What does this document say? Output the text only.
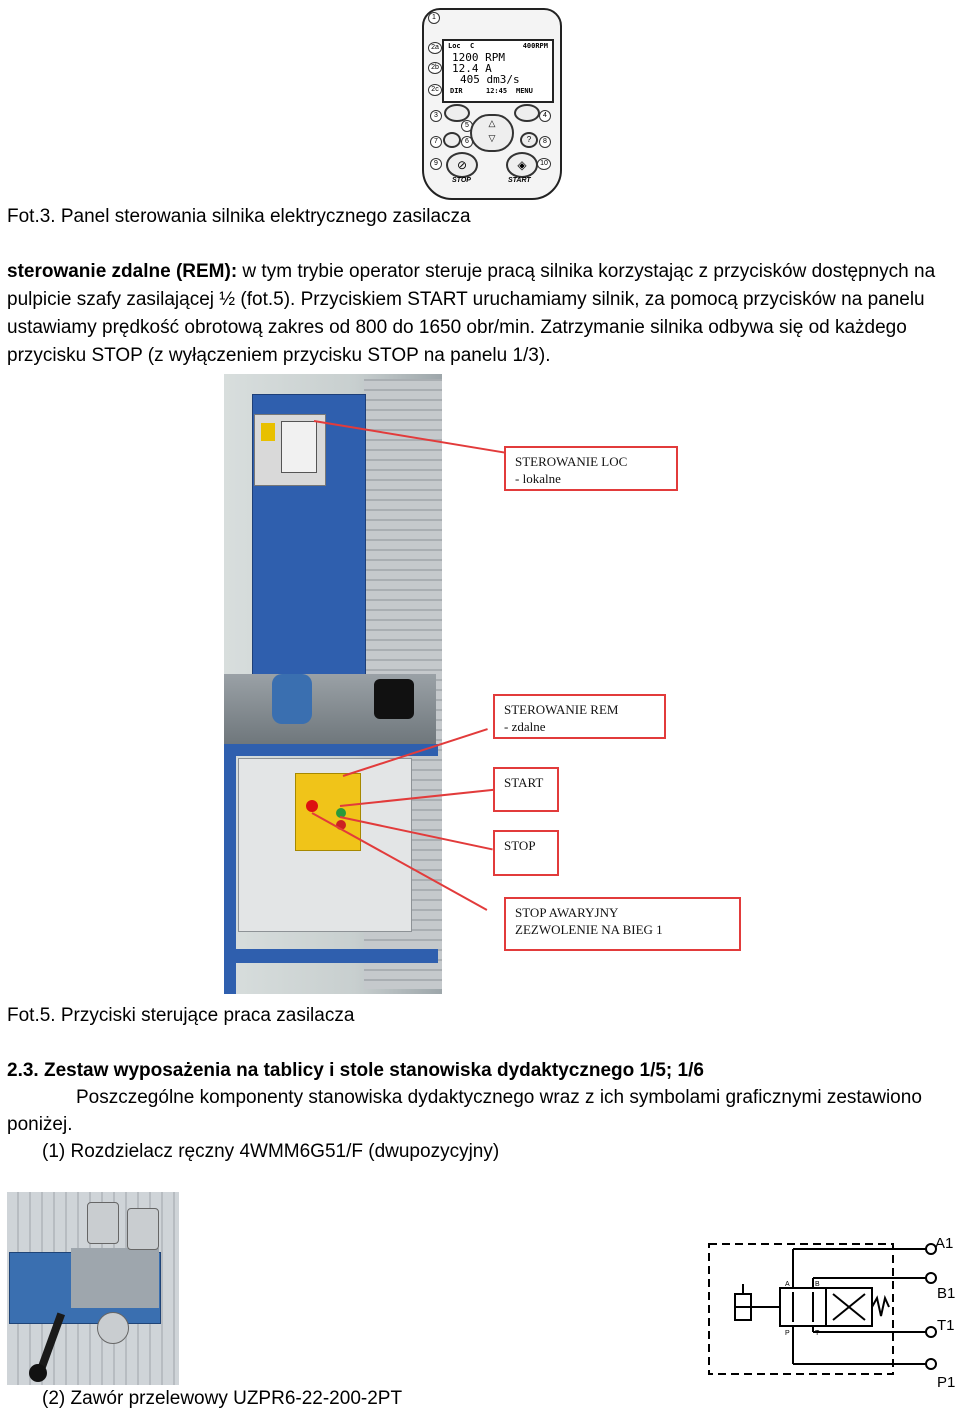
Loc C	400RPM
1200 RPM
12.4 A
405 dm3/s
DIR	12:45 MENU
1
2a
2b
2c
3	4
5
6
7	8
9	10
△
▽	?
⊘	◈
STOP	START
Fot.3. Panel sterowania silnika elektrycznego zasilacza
sterowanie zdalne (REM): w tym trybie operator steruje pracą silnika korzystając z przycisków dostępnych na
pulpicie szafy zasilającej ½ (fot.5). Przyciskiem START uruchamiamy silnik, za pomocą przycisków na panelu
ustawiamy prędkość obrotową zakres od 800 do 1650 obr/min. Zatrzymanie silnika odbywa się od każdego
przycisku STOP (z wyłączeniem przycisku STOP na panelu 1/3).
STEROWANIE LOC
- lokalne
STEROWANIE REM
- zdalne
START
STOP
STOP AWARYJNY
ZEZWOLENIE NA BIEG 1
Fot.5. Przyciski sterujące praca zasilacza
2.3. Zestaw wyposażenia na tablicy i stole stanowiska dydaktycznego 1/5; 1/6
Poszczególne komponenty stanowiska dydaktycznego wraz z ich symbolami graficznymi zestawiono
poniżej.
(1) Rozdzielacz ręczny 4WMM6G51/F (dwupozycyjny)
A1
B1
T1
P1
A	B
P	T
(2) Zawór przelewowy UZPR6-22-200-2PT
